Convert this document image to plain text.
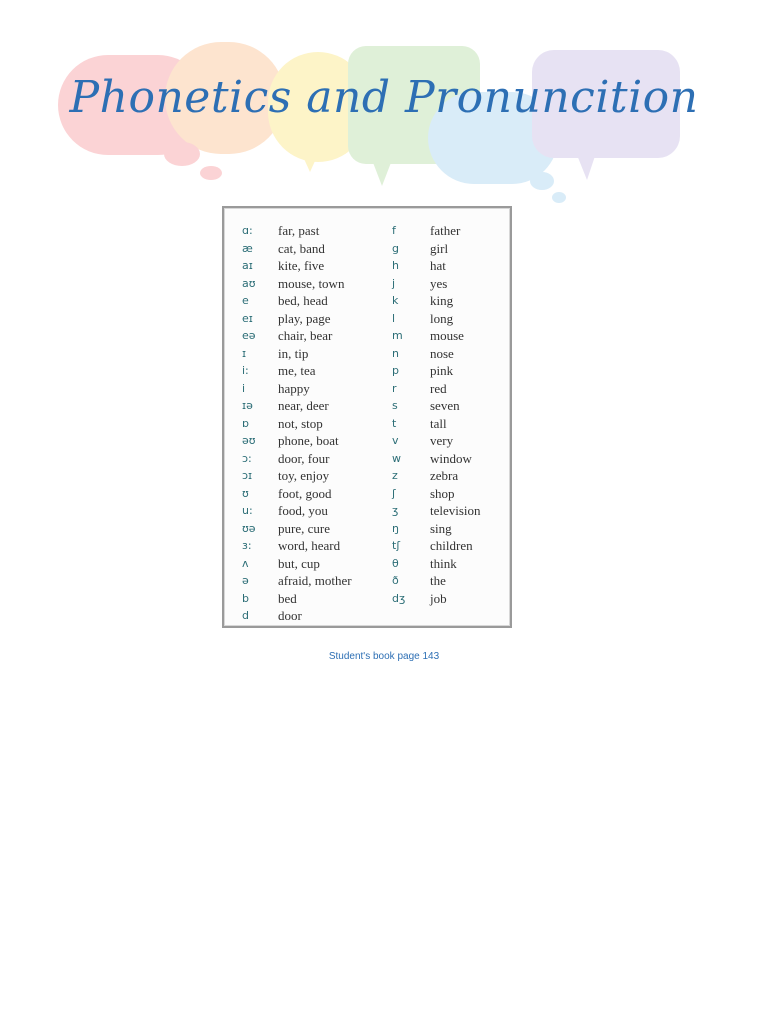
Phonetics and Pronuncition
ɑ:	far, past
æ	cat, band
aɪ	kite, five
aʊ	mouse, town
e	bed, head
eɪ	play, page
eə	chair, bear
ɪ	in, tip
i:	me, tea
i	happy
ɪə	near, deer
ɒ	not, stop
əʊ	phone, boat
ɔ:	door, four
ɔɪ	toy, enjoy
ʊ	foot, good
u:	food, you
ʊə	pure, cure
ɜ:	word, heard
ʌ	but, cup
ə	afraid, mother
b	bed
d	door
f	father
g	girl
h	hat
j	yes
k	king
l	long
m	mouse
n	nose
p	pink
r	red
s	seven
t	tall
v	very
w	window
z	zebra
ʃ	shop
ʒ	television
ŋ	sing
tʃ	children
θ	think
ð	the
dʒ	job
Student's book page 143
